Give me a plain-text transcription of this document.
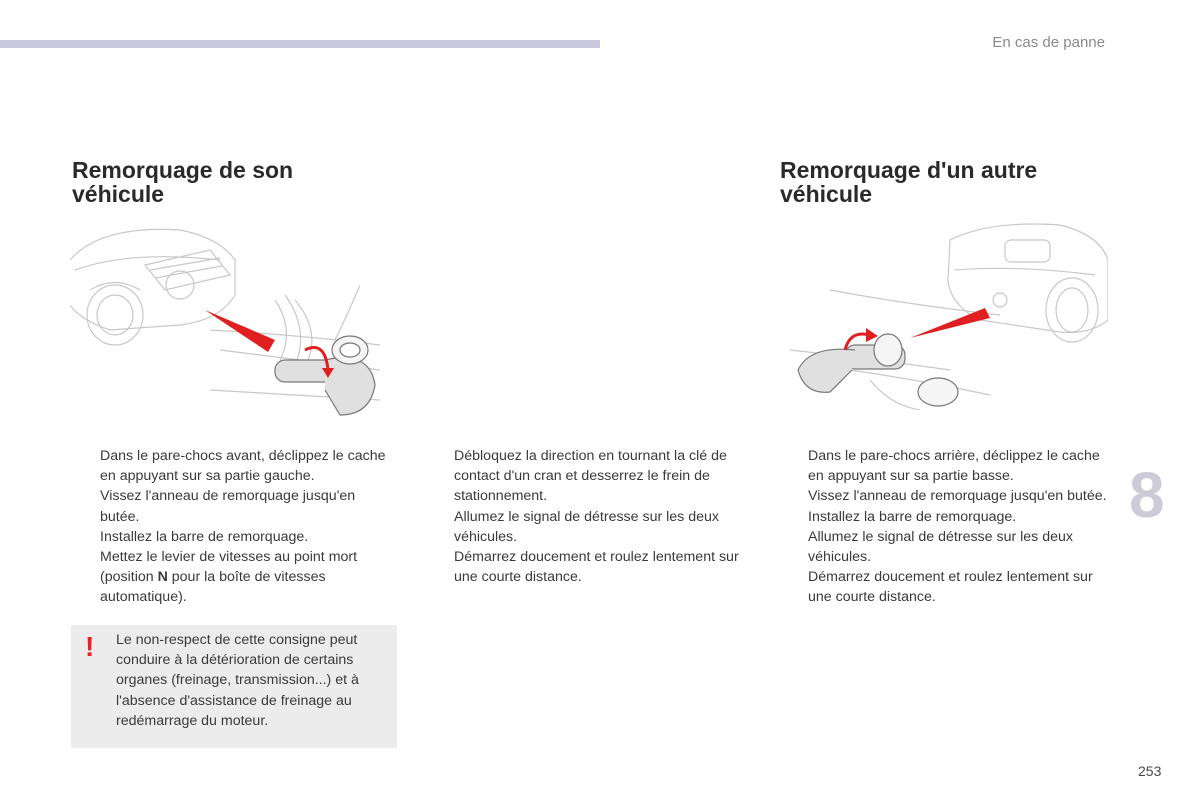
En cas de panne
Remorquage de son véhicule
Remorquage d'un autre véhicule
Dans le pare-chocs avant, déclippez le cache en appuyant sur sa partie gauche.
Vissez l'anneau de remorquage jusqu'en butée.
Installez la barre de remorquage.
Mettez le levier de vitesses au point mort (position N pour la boîte de vitesses automatique).
Débloquez la direction en tournant la clé de contact d'un cran et desserrez le frein de stationnement.
Allumez le signal de détresse sur les deux véhicules.
Démarrez doucement et roulez lentement sur une courte distance.
Dans le pare-chocs arrière, déclippez le cache en appuyant sur sa partie basse.
Vissez l'anneau de remorquage jusqu'en butée.
Installez la barre de remorquage.
Allumez le signal de détresse sur les deux véhicules.
Démarrez doucement et roulez lentement sur une courte distance.
! Le non-respect de cette consigne peut conduire à la détérioration de certains organes (freinage, transmission...) et à l'absence d'assistance de freinage au redémarrage du moteur.
8
253
